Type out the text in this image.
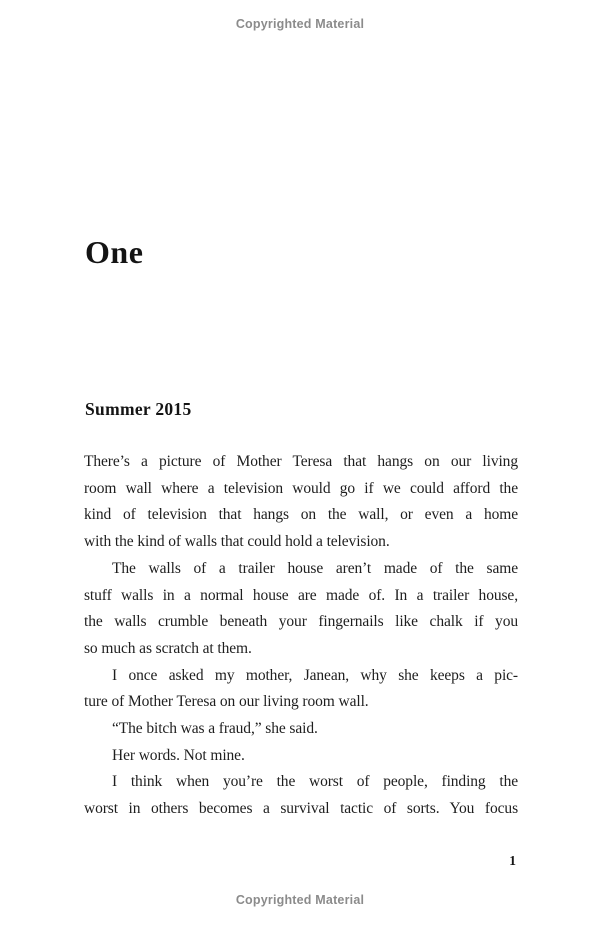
Copyrighted Material
One
Summer 2015
There’s a picture of Mother Teresa that hangs on our living
room wall where a television would go if we could afford the
kind of television that hangs on the wall, or even a home
with the kind of walls that could hold a television.
The walls of a trailer house aren’t made of the same
stuff walls in a normal house are made of. In a trailer house,
the walls crumble beneath your fingernails like chalk if you
so much as scratch at them.
I once asked my mother, Janean, why she keeps a pic-
ture of Mother Teresa on our living room wall.
“The bitch was a fraud,” she said.
Her words. Not mine.
I think when you’re the worst of people, finding the
worst in others becomes a survival tactic of sorts. You focus
1
Copyrighted Material
